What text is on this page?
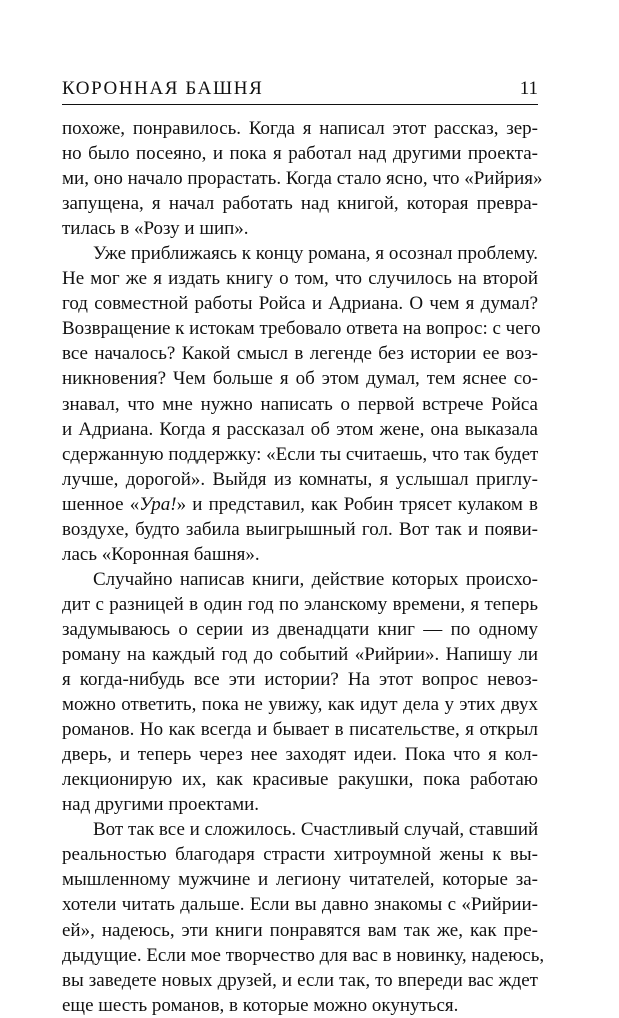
КОРОННАЯ БАШНЯ	11
похоже, понравилось. Когда я написал этот рассказ, зер-
но было посеяно, и пока я работал над другими проекта-
ми, оно начало прорастать. Когда стало ясно, что «Рийрия»
запущена, я начал работать над книгой, которая превра-
тилась в «Розу и шип».
Уже приближаясь к концу романа, я осознал проблему.
Не мог же я издать книгу о том, что случилось на второй
год совместной работы Ройса и Адриана. О чем я думал?
Возвращение к истокам требовало ответа на вопрос: с чего
все началось? Какой смысл в легенде без истории ее воз-
никновения? Чем больше я об этом думал, тем яснее со-
знавал, что мне нужно написать о первой встрече Ройса
и Адриана. Когда я рассказал об этом жене, она выказала
сдержанную поддержку: «Если ты считаешь, что так будет
лучше, дорогой». Выйдя из комнаты, я услышал приглу-
шенное «Ура!» и представил, как Робин трясет кулаком в
воздухе, будто забила выигрышный гол. Вот так и появи-
лась «Коронная башня».
Случайно написав книги, действие которых происхо-
дит с разницей в один год по эланскому времени, я теперь
задумываюсь о серии из двенадцати книг — по одному
роману на каждый год до событий «Рийрии». Напишу ли
я когда-нибудь все эти истории? На этот вопрос невоз-
можно ответить, пока не увижу, как идут дела у этих двух
романов. Но как всегда и бывает в писательстве, я открыл
дверь, и теперь через нее заходят идеи. Пока что я кол-
лекционирую их, как красивые ракушки, пока работаю
над другими проектами.
Вот так все и сложилось. Счастливый случай, ставший
реальностью благодаря страсти хитроумной жены к вы-
мышленному мужчине и легиону читателей, которые за-
хотели читать дальше. Если вы давно знакомы с «Рийрии-
ей», надеюсь, эти книги понравятся вам так же, как пре-
дыдущие. Если мое творчество для вас в новинку, надеюсь,
вы заведете новых друзей, и если так, то впереди вас ждет
еще шесть романов, в которые можно окунуться.
